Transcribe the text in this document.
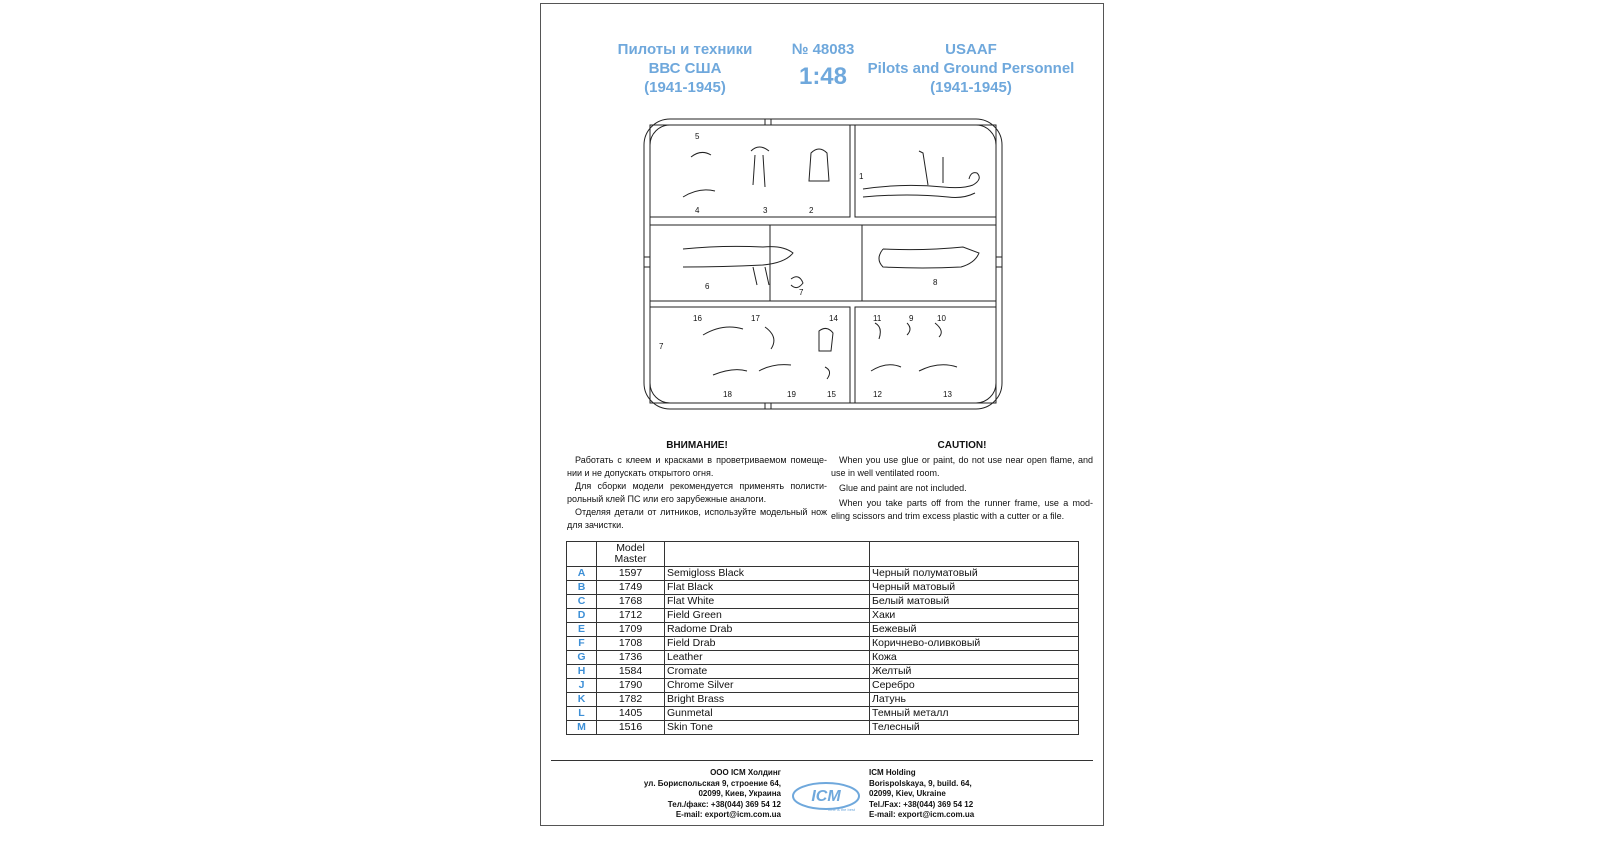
Пилоты и техники
ВВС США
(1941-1945)
№ 48083
1:48
USAAF
Pilots and Ground Personnel
(1941-1945)
5
4	3	2
1
6
7
8
16	17	14	11	9	10
7
18	19	15	12	13
ВНИМАНИЕ!

Работать с клеем и красками в проветриваемом помеще- нии и не допускать открытого огня.

Для сборки модели рекомендуется применять полисти- рольный клей ПС или его зарубежные аналоги.

Отделяя детали от литников, используйте модельный нож для зачистки.

CAUTION!

When you use glue or paint, do not use near open flame, and use in well ventilated room.

Glue and paint are not included.

When you take parts off from the runner frame, use a mod- eling scissors and trim excess plastic with a cutter or a file.

	Model Master		
A	1597	Semigloss Black	Черный полуматовый
B	1749	Flat Black	Черный матовый
C	1768	Flat White	Белый матовый
D	1712	Field Green	Хаки
E	1709	Radome Drab	Бежевый
F	1708	Field Drab	Коричнево-оливковый
G	1736	Leather	Кожа
H	1584	Cromate	Желтый
J	1790	Chrome Silver	Серебро
K	1782	Bright Brass	Латунь
L	1405	Gunmetal	Темный металл
M	1516	Skin Tone	Телесный
ООО ICM Холдинг
ул. Бориспольская 9, строение 64,
02099, Киев, Украина
Тел./факс: +38(044) 369 54 12
E-mail: export@icm.com.ua
ICM
Time is the best
ICM Holding
Borispolskaya, 9, build. 64,
02099, Kiev, Ukraine
Tel./Fax: +38(044) 369 54 12
E-mail: export@icm.com.ua
